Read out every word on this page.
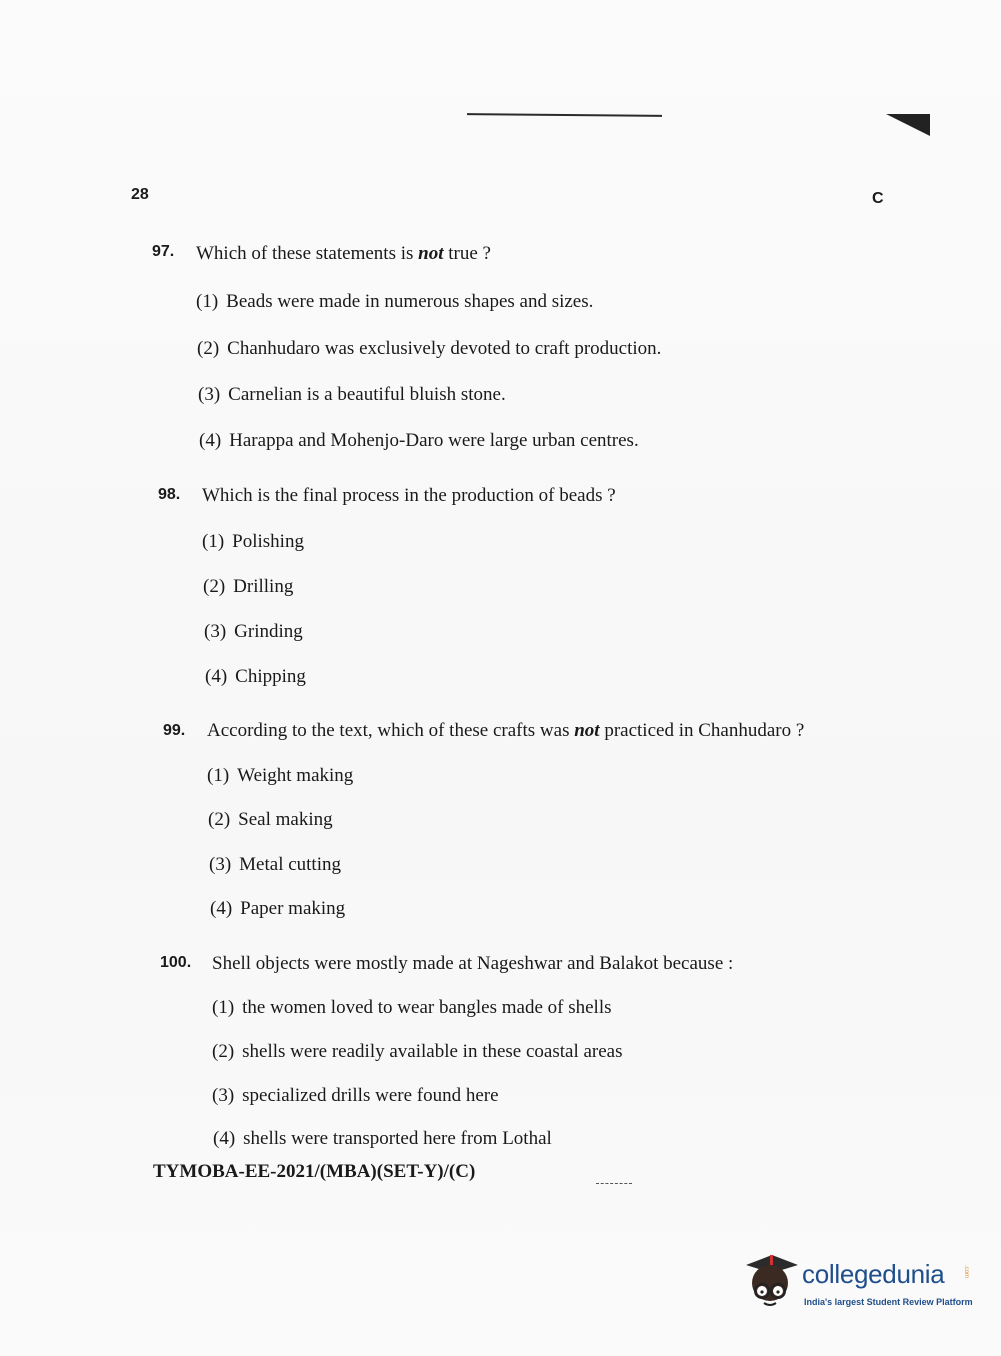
28	C
97. Which of these statements is not true ?
(1) Beads were made in numerous shapes and sizes.
(2) Chanhudaro was exclusively devoted to craft production.
(3) Carnelian is a beautiful bluish stone.
(4) Harappa and Mohenjo-Daro were large urban centres.
98. Which is the final process in the production of beads ?
(1) Polishing
(2) Drilling
(3) Grinding
(4) Chipping
99. According to the text, which of these crafts was not practiced in Chanhudaro ?
(1) Weight making
(2) Seal making
(3) Metal cutting
(4) Paper making
100. Shell objects were mostly made at Nageshwar and Balakot because :
(1) the women loved to wear bangles made of shells
(2) shells were readily available in these coastal areas
(3) specialized drills were found here
(4) shells were transported here from Lothal
TYMOBA-EE-2021/(MBA)(SET-Y)/(C)
collegedunia	.com
India's largest Student Review Platform
